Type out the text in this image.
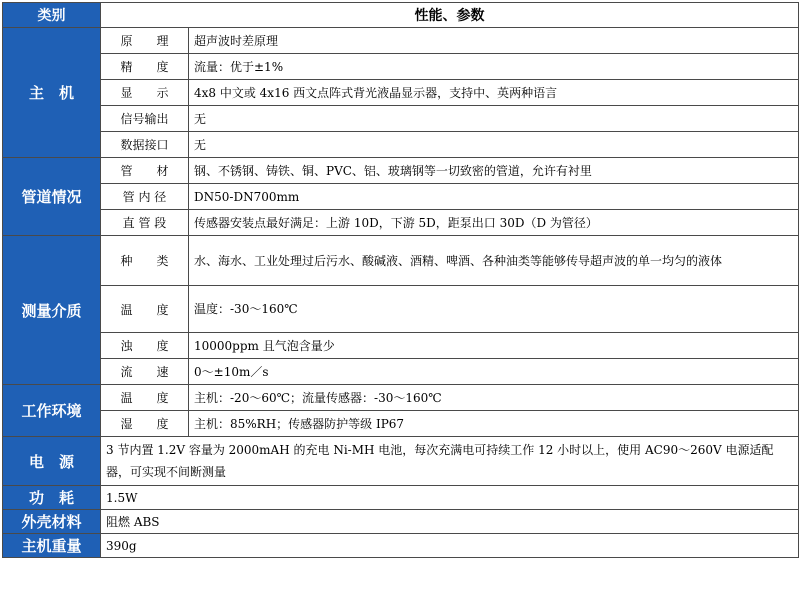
类别	性能、参数	
主　机	原　　理	超声波时差原理
	精　　度	流量：优于±1%
	显　　示	4x8 中文或 4x16 西文点阵式背光液晶显示器，支持中、英两种语言
	信号输出	无
	数据接口	无
管道情况	管　　材	钢、不锈钢、铸铁、铜、PVC、铝、玻璃钢等一切致密的管道，允许有衬里
	管 内 径	DN50-DN700mm
	直 管 段	传感器安装点最好满足：上游 10D，下游 5D，距泵出口 30D（D 为管径）
测量介质	种　　类	水、海水、工业处理过后污水、酸碱液、酒精、啤酒、各种油类等能够传导超声波的单一均匀的液体
	温　　度	温度：-30～160℃
	浊　　度	10000ppm 且气泡含量少
	流　　速	0～±10m／s
工作环境	温　　度	主机：-20～60℃；流量传感器：-30～160℃
	湿　　度	主机：85%RH；传感器防护等级 IP67
电　源	3 节内置 1.2V 容量为 2000mAH 的充电 Ni-MH 电池，每次充满电可持续工作 12 小时以上，使用 AC90～260V 电源适配器，可实现不间断测量	
功　耗	1.5W	
外壳材料	阻燃 ABS	
主机重量	390g	
